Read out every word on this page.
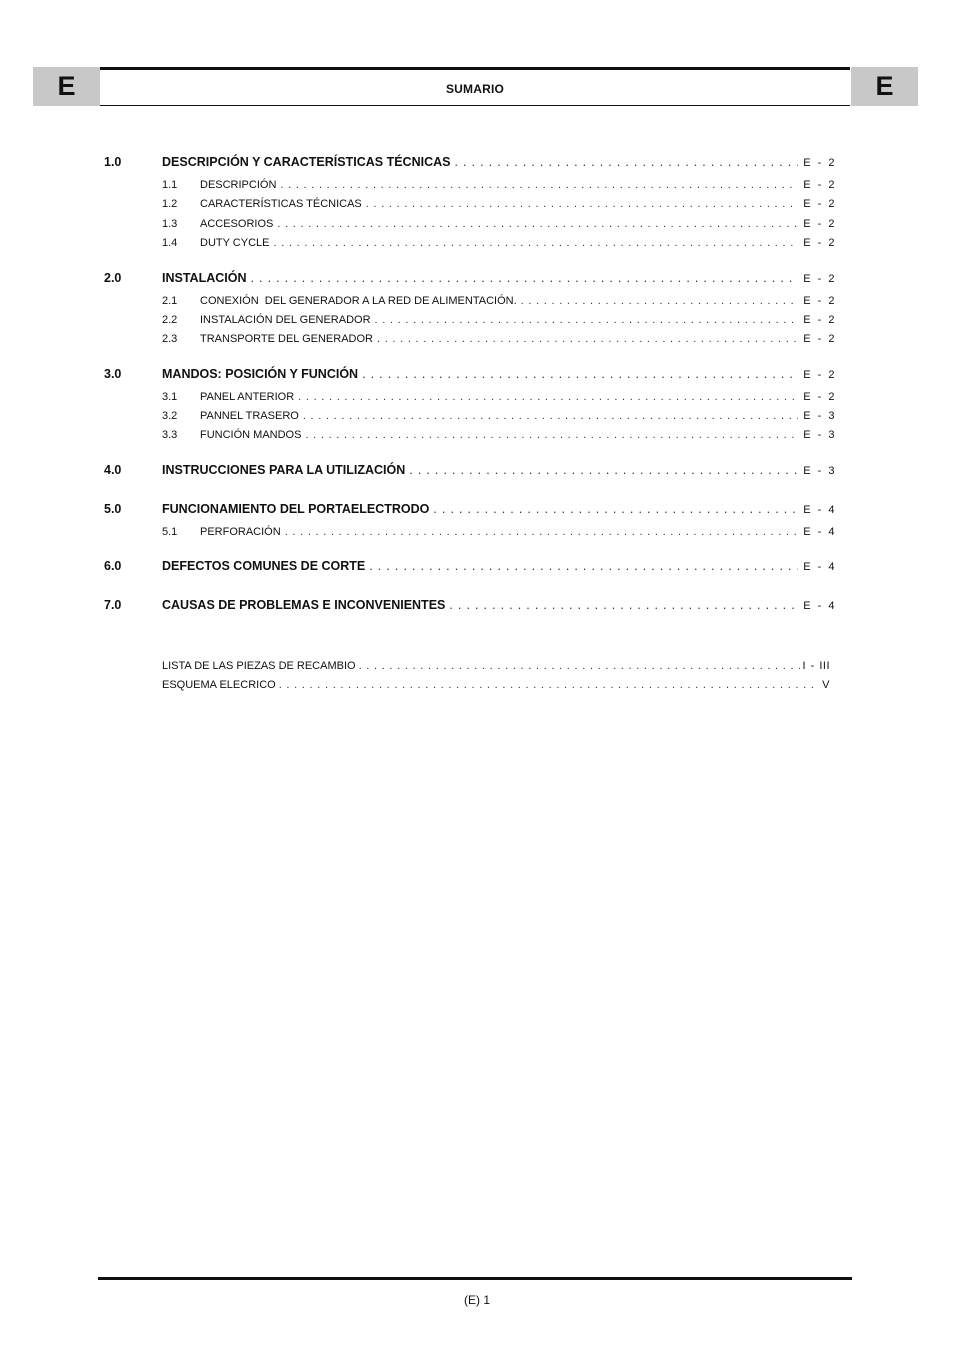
E	SUMARIO	E
1.0	DESCRIPCIÓN Y CARACTERÍSTICAS TÉCNICAS . . .	E - 2
1.1	DESCRIPCIÓN . . .	E - 2
1.2	CARACTERÍSTICAS TÉCNICAS . . .	E - 2
1.3	ACCESORIOS . . .	E - 2
1.4	DUTY CYCLE . . .	E - 2
2.0	INSTALACIÓN . . .	E - 2
2.1	CONEXIÓN  DEL GENERADOR A LA RED DE ALIMENTACIÓN. . . .	E - 2
2.2	INSTALACIÓN DEL GENERADOR . . .	E - 2
2.3	TRANSPORTE DEL GENERADOR . . .	E - 2
3.0	MANDOS: POSICIÓN Y FUNCIÓN . . .	E - 2
3.1	PANEL ANTERIOR . . .	E - 2
3.2	PANNEL TRASERO . . .	E - 3
3.3	FUNCIÓN MANDOS . . .	E - 3
4.0	INSTRUCCIONES PARA LA UTILIZACIÓN . . .	E - 3
5.0	FUNCIONAMIENTO DEL PORTAELECTRODO . . .	E - 4
5.1	PERFORACIÓN . . .	E - 4
6.0	DEFECTOS COMUNES DE CORTE . . .	E - 4
7.0	CAUSAS DE PROBLEMAS E INCONVENIENTES . . .	E - 4
LISTA DE LAS PIEZAS DE RECAMBIO . . .	I - III
ESQUEMA ELECRICO . . .	V
(E) 1
